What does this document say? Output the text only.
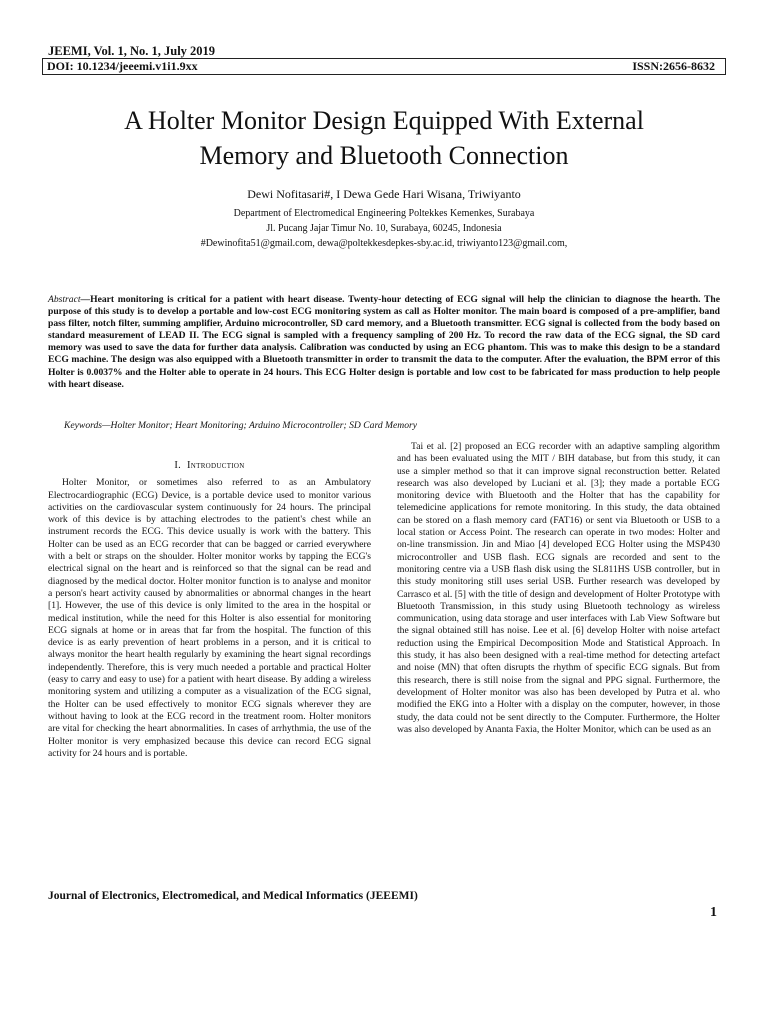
JEEMI, Vol. 1, No. 1, July 2019
DOI: 10.1234/jeeemi.v1i1.9xx	ISSN:2656-8632
A Holter Monitor Design Equipped With External
Memory and Bluetooth Connection
Dewi Nofitasari#, I Dewa Gede Hari Wisana, Triwiyanto
Department of Electromedical Engineering Poltekkes Kemenkes, Surabaya
Jl. Pucang Jajar Timur No. 10, Surabaya, 60245, Indonesia
#Dewinofita51@gmail.com, dewa@poltekkesdepkes-sby.ac.id, triwiyanto123@gmail.com,
Abstract—Heart monitoring is critical for a patient with heart disease. Twenty-hour detecting of ECG signal will help the clinician to diagnose the hearth. The purpose of this study is to develop a portable and low-cost ECG monitoring system as call as Holter monitor. The main board is composed of a pre-amplifier, band pass filter, notch filter, summing amplifier, Arduino microcontroller, SD card memory, and a Bluetooth transmitter. ECG signal is collected from the body based on standard measurement of LEAD II. The ECG signal is sampled with a frequency sampling of 200 Hz. To record the raw data of the ECG signal, the SD card memory was used to save the data for further data analysis. Calibration was conducted by using an ECG phantom. This was to make this design to be a standard ECG machine. The design was also equipped with a Bluetooth transmitter in order to transmit the data to the computer. After the evaluation, the BPM error of this Holter is 0.0037% and the Holter able to operate in 24 hours. This ECG Holter design is portable and low cost to be fabricated for mass production to help people with heart disease.
Keywords—Holter Monitor; Heart Monitoring; Arduino Microcontroller; SD Card Memory
I. Introduction

Holter Monitor, or sometimes also referred to as an Ambulatory Electrocardiographic (ECG) Device, is a portable device used to monitor various activities on the cardiovascular system continuously for 24 hours. The principal work of this device is by attaching electrodes to the patient's chest while an instrument records the ECG. This device usually is work with the battery. This Holter can be used as an ECG recorder that can be bagged or carried everywhere with a belt or straps on the shoulder. Holter monitor works by tapping the ECG's electrical signal on the heart and is reinforced so that the signal can be read and diagnosed by the medical doctor. Holter monitor function is to analyse and monitor a person's heart activity caused by abnormalities or abnormal changes in the heart [1]. However, the use of this device is only limited to the area in the hospital or medical institution, while the need for this Holter is also essential for monitoring ECG signals at home or in areas that far from the hospital. The function of this device is as early prevention of heart problems in a person, and it is critical to always monitor the heart health regularly by examining the heart signal recordings independently. Therefore, this is very much needed a portable and practical Holter (easy to carry and easy to use) for a patient with heart disease. By adding a wireless monitoring system and utilizing a computer as a visualization of the ECG signal, the Holter can be used effectively to monitor ECG signals wherever they are without having to look at the ECG record in the treatment room. Holter monitors are vital for checking the heart abnormalities. In cases of arrhythmia, the use of the Holter monitor is very emphasized because this device can record ECG signal activity for 24 hours and is portable.

Tai et al. [2] proposed an ECG recorder with an adaptive sampling algorithm and has been evaluated using the MIT / BIH database, but from this study, it can use a simpler method so that it can improve signal reconstruction better. Related research was also developed by Luciani et al. [3]; they made a portable ECG monitoring device with Bluetooth and the Holter that has the capability for telemedicine applications for remote monitoring. In this study, the data obtained can be stored on a flash memory card (FAT16) or sent via Bluetooth or USB to a local station or Access Point. The research can operate in two modes: Holter and on-line transmission. Jin and Miao [4] developed ECG Holter using the MSP430 microcontroller and USB flash. ECG signals are recorded and sent to the monitoring centre via a USB flash disk using the SL811HS USB controller, but in this study monitoring still uses serial USB. Further research was developed by Carrasco et al. [5] with the title of design and development of Holter Prototype with Bluetooth Transmission, in this study using Bluetooth technology as wireless communication, using data storage and user interfaces with Lab View Software but the signal obtained still has noise. Lee et al. [6] develop Holter with noise artefact reduction using the Empirical Decomposition Mode and Statistical Approach. In this study, it has also been designed with a real-time method for detecting artefact and noise (MN) that often disrupts the rhythm of specific ECG signals. But from this research, there is still noise from the signal and PPG signal. Furthermore, the development of Holter monitor was also has been developed by Putra et al. who modified the EKG into a Holter with a display on the computer, however, in those study, the data could not be sent directly to the Computer. Furthermore, the Holter was also developed by Ananta Faxia, the Holter Monitor, which can be used as an

Journal of Electronics, Electromedical, and Medical Informatics (JEEEMI)
1
